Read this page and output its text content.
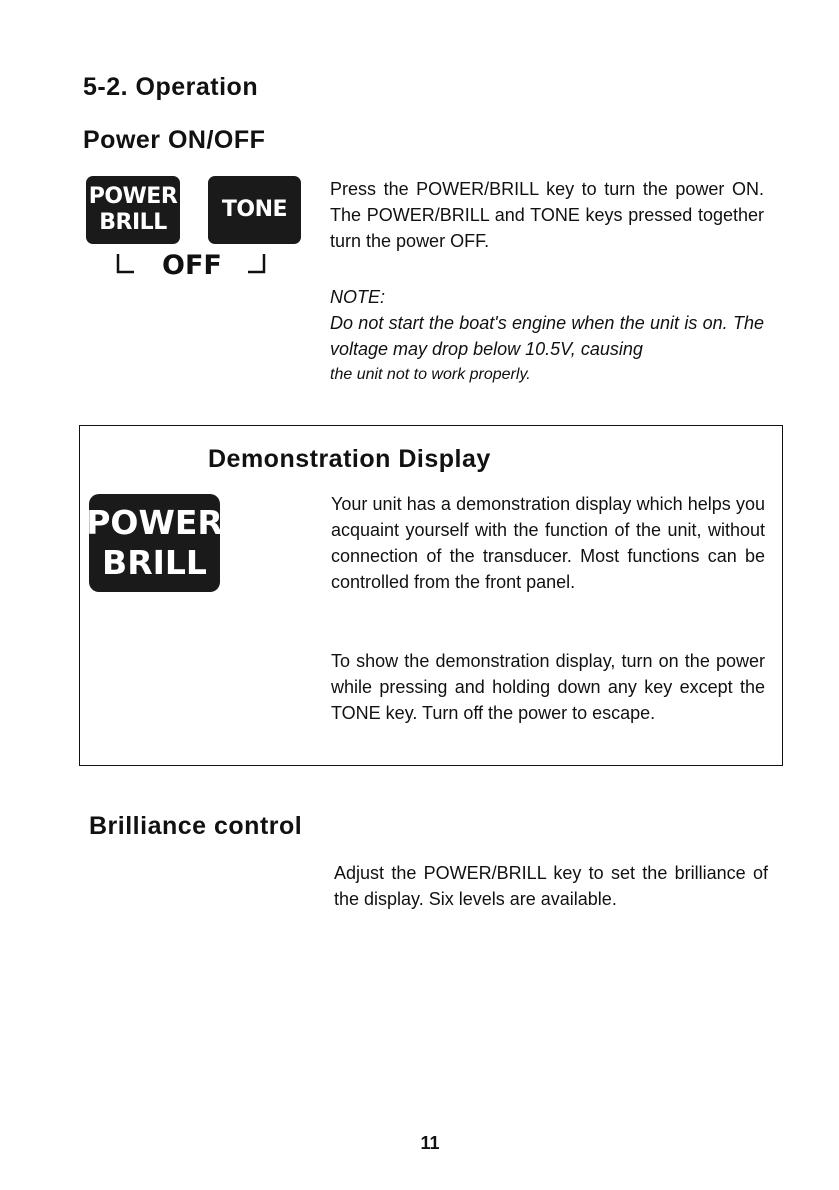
5-2. Operation
Power ON/OFF
POWER
BRILL
TONE
OFF

Press the POWER/BRILL key to turn the power ON. The POWER/BRILL and TONE keys pressed together turn the power OFF.

NOTE:

Do not start the boat's engine when the unit is on. The voltage may drop below 10.5V, causing

the unit not to work properly.

Demonstration Display
POWER
BRILL

Your unit has a demonstration display which helps you acquaint yourself with the function of the unit, without connection of the transducer. Most functions can be controlled from the front panel.

To show the demonstration display, turn on the power while pressing and holding down any key except the TONE key. Turn off the power to escape.

Brilliance control

Adjust the POWER/BRILL key to set the brilliance of the display. Six levels are available.

11
